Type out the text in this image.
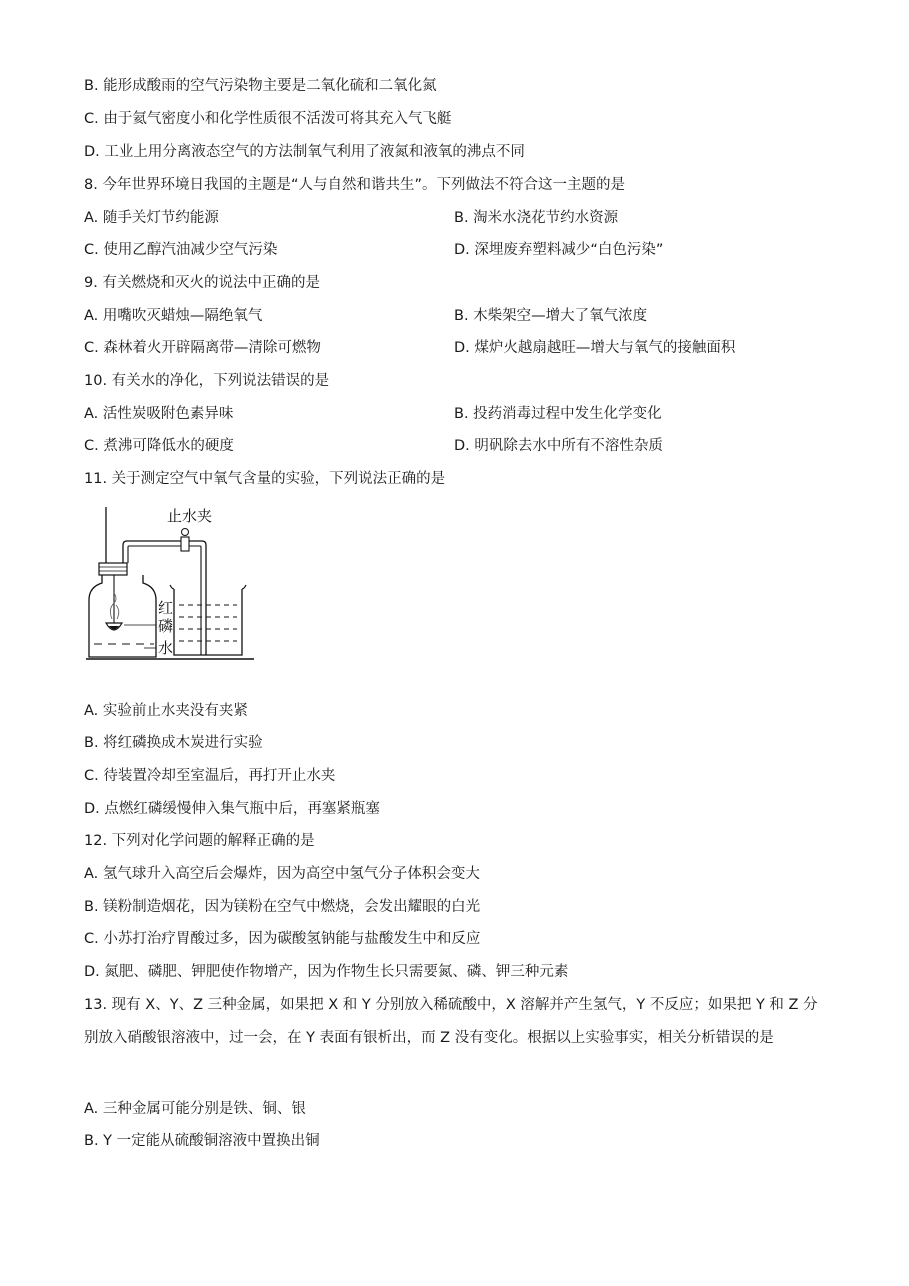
B. 能形成酸雨的空气污染物主要是二氧化硫和二氧化氮
C. 由于氦气密度小和化学性质很不活泼可将其充入气飞艇
D. 工业上用分离液态空气的方法制氧气利用了液氮和液氧的沸点不同
8. 今年世界环境日我国的主题是“人与自然和谐共生”。下列做法不符合这一主题的是
A. 随手关灯节约能源	B. 淘米水浇花节约水资源
C. 使用乙醇汽油减少空气污染	D. 深埋废弃塑料减少“白色污染”
9. 有关燃烧和灭火的说法中正确的是
A. 用嘴吹灭蜡烛—隔绝氧气	B. 木柴架空—增大了氧气浓度
C. 森林着火开辟隔离带—清除可燃物	D. 煤炉火越扇越旺—增大与氧气的接触面积
10. 有关水的净化，下列说法错误的是
A. 活性炭吸附色素异味	B. 投药消毒过程中发生化学变化
C. 煮沸可降低水的硬度	D. 明矾除去水中所有不溶性杂质
11. 关于测定空气中氧气含量的实验，下列说法正确的是
止水夹
红
磷
水
A. 实验前止水夹没有夹紧
B. 将红磷换成木炭进行实验
C. 待装置冷却至室温后，再打开止水夹
D. 点燃红磷缓慢伸入集气瓶中后，再塞紧瓶塞
12. 下列对化学问题的解释正确的是
A. 氢气球升入高空后会爆炸，因为高空中氢气分子体积会变大
B. 镁粉制造烟花，因为镁粉在空气中燃烧，会发出耀眼的白光
C. 小苏打治疗胃酸过多，因为碳酸氢钠能与盐酸发生中和反应
D. 氮肥、磷肥、钾肥使作物增产，因为作物生长只需要氮、磷、钾三种元素
13. 现有 X、Y、Z 三种金属，如果把 X 和 Y 分别放入稀硫酸中，X 溶解并产生氢气，Y 不反应；如果把 Y 和 Z 分别放入硝酸银溶液中，过一会，在 Y 表面有银析出，而 Z 没有变化。根据以上实验事实，相关分析错误的是
A. 三种金属可能分别是铁、铜、银
B. Y 一定能从硫酸铜溶液中置换出铜
